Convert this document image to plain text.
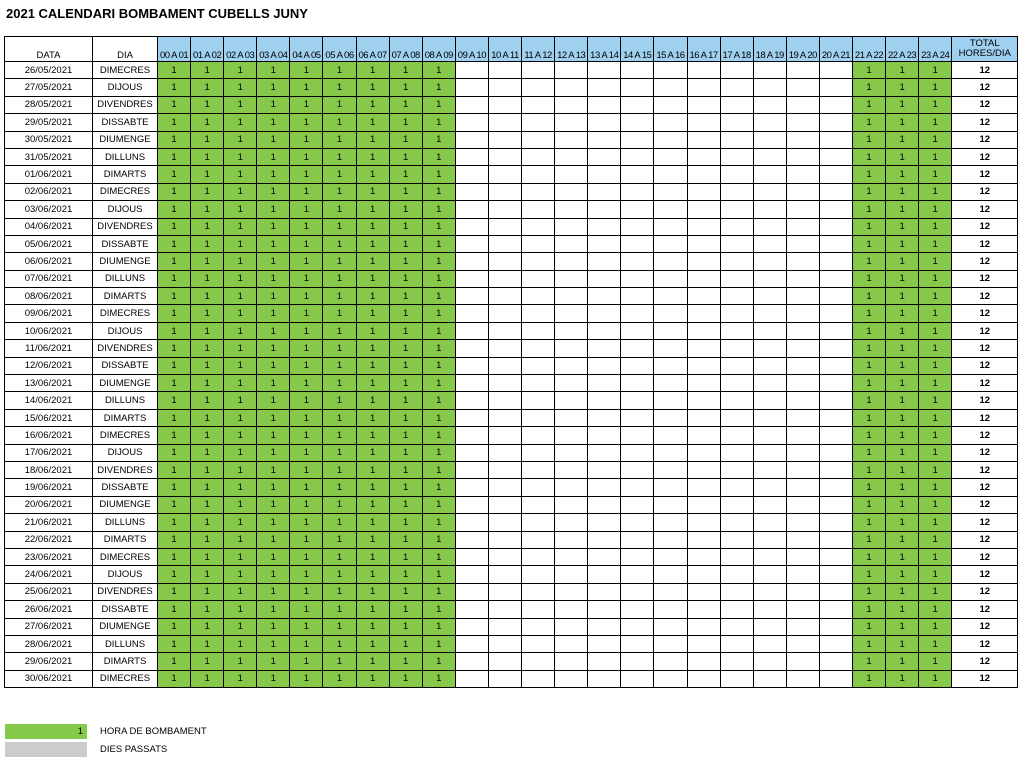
2021 CALENDARI BOMBAMENT CUBELLS JUNY
DATA	DIA	00 A 01	01 A 02	02 A 03	03 A 04	04 A 05	05 A 06	06 A 07	07 A 08	08 A 09	09 A 10	10 A 11	11 A 12	12 A 13	13 A 14	14 A 15	15 A 16	16 A 17	17 A 18	18 A 19	19 A 20	20 A 21	21 A 22	22 A 23	23 A 24	TOTAL
HORES/DIA

26/05/2021	DIMECRES	1	1	1	1	1	1	1	1	1													1	1	1	12
27/05/2021	DIJOUS	1	1	1	1	1	1	1	1	1													1	1	1	12
28/05/2021	DIVENDRES	1	1	1	1	1	1	1	1	1													1	1	1	12
29/05/2021	DISSABTE	1	1	1	1	1	1	1	1	1													1	1	1	12
30/05/2021	DIUMENGE	1	1	1	1	1	1	1	1	1													1	1	1	12
31/05/2021	DILLUNS	1	1	1	1	1	1	1	1	1													1	1	1	12
01/06/2021	DIMARTS	1	1	1	1	1	1	1	1	1													1	1	1	12
02/06/2021	DIMECRES	1	1	1	1	1	1	1	1	1													1	1	1	12
03/06/2021	DIJOUS	1	1	1	1	1	1	1	1	1													1	1	1	12
04/06/2021	DIVENDRES	1	1	1	1	1	1	1	1	1													1	1	1	12
05/06/2021	DISSABTE	1	1	1	1	1	1	1	1	1													1	1	1	12
06/06/2021	DIUMENGE	1	1	1	1	1	1	1	1	1													1	1	1	12
07/06/2021	DILLUNS	1	1	1	1	1	1	1	1	1													1	1	1	12
08/06/2021	DIMARTS	1	1	1	1	1	1	1	1	1													1	1	1	12
09/06/2021	DIMECRES	1	1	1	1	1	1	1	1	1													1	1	1	12
10/06/2021	DIJOUS	1	1	1	1	1	1	1	1	1													1	1	1	12
11/06/2021	DIVENDRES	1	1	1	1	1	1	1	1	1													1	1	1	12
12/06/2021	DISSABTE	1	1	1	1	1	1	1	1	1													1	1	1	12
13/06/2021	DIUMENGE	1	1	1	1	1	1	1	1	1													1	1	1	12
14/06/2021	DILLUNS	1	1	1	1	1	1	1	1	1													1	1	1	12
15/06/2021	DIMARTS	1	1	1	1	1	1	1	1	1													1	1	1	12
16/06/2021	DIMECRES	1	1	1	1	1	1	1	1	1													1	1	1	12
17/06/2021	DIJOUS	1	1	1	1	1	1	1	1	1													1	1	1	12
18/06/2021	DIVENDRES	1	1	1	1	1	1	1	1	1													1	1	1	12
19/06/2021	DISSABTE	1	1	1	1	1	1	1	1	1													1	1	1	12
20/06/2021	DIUMENGE	1	1	1	1	1	1	1	1	1													1	1	1	12
21/06/2021	DILLUNS	1	1	1	1	1	1	1	1	1													1	1	1	12
22/06/2021	DIMARTS	1	1	1	1	1	1	1	1	1													1	1	1	12
23/06/2021	DIMECRES	1	1	1	1	1	1	1	1	1													1	1	1	12
24/06/2021	DIJOUS	1	1	1	1	1	1	1	1	1													1	1	1	12
25/06/2021	DIVENDRES	1	1	1	1	1	1	1	1	1													1	1	1	12
26/06/2021	DISSABTE	1	1	1	1	1	1	1	1	1													1	1	1	12
27/06/2021	DIUMENGE	1	1	1	1	1	1	1	1	1													1	1	1	12
28/06/2021	DILLUNS	1	1	1	1	1	1	1	1	1													1	1	1	12
29/06/2021	DIMARTS	1	1	1	1	1	1	1	1	1													1	1	1	12
30/06/2021	DIMECRES	1	1	1	1	1	1	1	1	1													1	1	1	12
1	HORA DE BOMBAMENT
DIES PASSATS
